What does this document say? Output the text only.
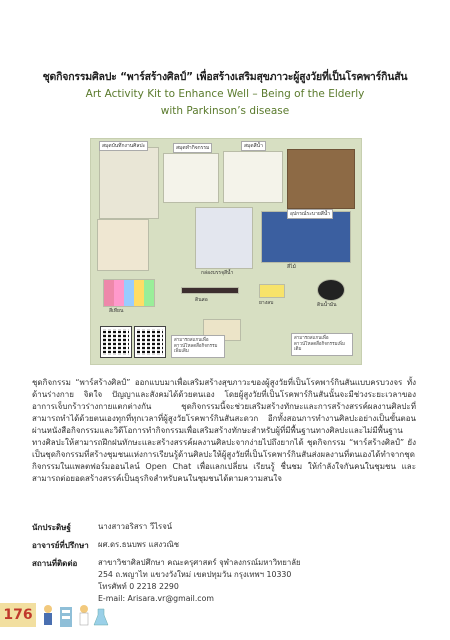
ชุดกิจกรรมศิลปะ “พาร์สร้างศิลป์” เพื่อสร้างเสริมสุขภาวะผู้สูงวัยที่เป็นโรคพาร์กินสัน
Art Activity Kit to Enhance Well – Being of the Elderly
with Parkinson’s disease
สมุดบันทึกงานศิลปะ	สมุดทำกิจกรรม	สมุดสีน้ำ
อุปกรณ์ระบายสีน้ำ
กล่องบรรจุสีน้ำ
ดินสอ	ยางลบ	ดินน้ำมัน
สีเทียน
สีไม้
สามารถสแกนเพื่อดาวน์โหลดสื่อกิจกรรมเพิ่มเติม
สามารถสแกนเพื่อดาวน์โหลดสื่อกิจกรรมเพิ่มเติม

ชุดกิจกรรม “พาร์สร้างศิลป์” ออกแบบมาเพื่อเสริมสร้างสุขภาวะของผู้สูงวัยที่เป็นโรคพาร์กินสันแบบครบวงจร ทั้งด้านร่างกาย จิตใจ ปัญญาและสังคมได้ด้วยตนเอง โดยผู้สูงวัยที่เป็นโรคพาร์กินสันนั้นจะมีช่วงระยะเวลาของอาการเจ็บกร้าวร่างกายแตกต่างกัน ชุดกิจกรรมนี้จะช่วยเสริมสร้างทักษะและการสร้างสรรค์ผลงานศิลปะที่สามารถทำได้ด้วยตนเองทุกที่ทุกเวลาที่ผู้สูงวัยโรคพาร์กินสันสะดวก อีกทั้งสอนการทำงานศิลปะอย่างเป็นขั้นตอนผ่านหนังสือกิจกรรมและวิดีโอการทำกิจกรรมเพื่อเสริมสร้างทักษะสำหรับผู้ที่มีพื้นฐานทางศิลปะและไม่มีพื้นฐานทางศิลปะให้สามารถฝึกฝนทักษะและสร้างสรรค์ผลงานศิลปะจากง่ายไปถึงยากได้ ชุดกิจกรรม “พาร์สร้างศิลป์” ยังเป็นชุดกิจกรรมที่สร้างชุมชนแห่งการเรียนรู้ด้านศิลปะให้ผู้สูงวัยที่เป็นโรคพาร์กินสันส่งผลงานที่ตนเองได้ทำจากชุดกิจกรรมในแพลตฟอร์มออนไลน์ Open Chat เพื่อแลกเปลี่ยน เรียนรู้ ชื่นชม ให้กำลังใจกันคนในชุมชน และสามารถต่อยอดสร้างสรรค์เป็นธุรกิจสำหรับคนในชุมชนได้ตามความสนใจ

นักประดิษฐ์	นางสาวอริสรา วีไรจน์
อาจารย์ที่ปรึกษา ผศ.ดร.ธนบพร แสงวณิช
สถานที่ติดต่อ	สาขาวิชาศิลปศึกษา คณะครุศาสตร์ จุฬาลงกรณ์มหาวิทยาลัย
254 ถ.พญาไท แขวงวังใหม่ เขตปทุมวัน กรุงเทพฯ 10330
โทรศัพท์ 0 2218 2290
E-mail: Arisara.vr@gmail.com
176
